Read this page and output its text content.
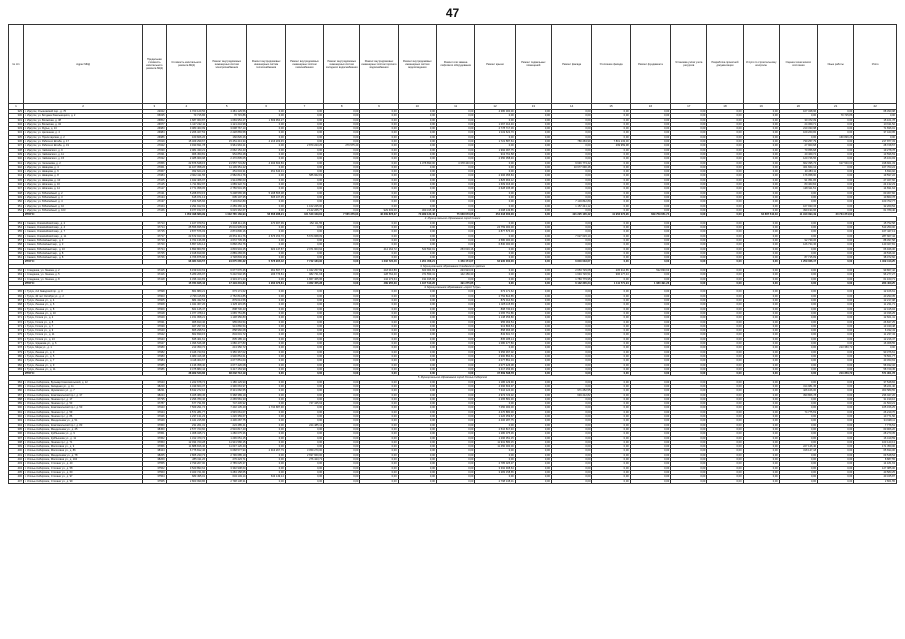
47
№ п/п	Адрес МКД	Предельная стоимость капитального ремонта МКД	Стоимость капитального ремонта МКД	Ремонт внутридомовых инженерных систем электроснабжения	Ремонт внутридомовых инженерных систем теплоснабжения	Ремонт внутридомовых инженерных систем газоснабжения	Ремонт внутридомовых инженерных систем холодного водоснабжения	Ремонт внутридомовых инженерных систем горячего водоснабжения	Ремонт внутридомовых инженерных систем водоотведения	Ремонт или замена лифтового оборудования	Ремонт крыши	Ремонт подвальных помещений	Ремонт фасада	Утепление фасада	Ремонт фундамента	Установка узлов учета ресурсов	Разработка проектной документации	Услуги по строительному контролю	Оценка технического состояния	Иные работы	Итого
1	2	3	4	5	6	7	8	9	10	11	12	13	14	15	16	17	18	19	20	21	22
329	г. Иркутск, Ульяновский пер., д. 70	22022	4 700 129,56	4 481 129,56	0,00	0,00	0,00	0,00	0,00	0,00	4 380 000,00	0,00	0,00	0,00	0,00	0,00	0,00	0,00	107 328,96	0,00	68 390,98
330	г. Иркутск, ул. Богдана Хмельницкого, д. 2	65035	70 715,86	70 715,86	0,00	0,00	0,00	0,00	0,00	0,00	0,00	0,00	0,00	0,00	0,00	0,00	0,00	0,00	0,00	70 715,86	0,00
331	г. Иркутск, ул. Волжская, д. 38	26862	1 687 063,87	1 669 954,27	1 669 954,27	0,00	0,00	0,00	0,00	0,00	0,00	0,00	0,00	0,00	0,00	0,00	0,00	0,00	30 472,39	0,00	15 101,78
332	г. Иркутск, ул. Волжская, д. 34	26977	1 127 222,11	1 121 244,98	0,00	0,00	0,00	0,00	0,00	0,00	1 067 014,49	0,00	0,00	0,00	0,00	0,00	0,00	0,00	24 369,71	0,00	10 611,52
333	г. Иркутск, ул. Фурье, д. 13	26983	3 080 463,99	3 008 767,14	0,00	0,00	0,00	0,00	0,00	0,00	2 778 717,39	0,00	0,00	0,00	0,00	0,00	0,00	0,00	210 333,98	0,00	71 696,91
334	г. Иркутск, ул. Целинная, д. 4	26984	2 266 327,53	2 228 883,58	0,00	0,00	0,00	0,00	0,00	0,00	2 119 622,76	0,00	0,00	0,00	0,00	0,00	0,00	0,00	109 260,82	0,00	37 443,95
335	г. Иркутск, ул. Пролетарская, д. 2	26986	160 826,26	160 826,26	0,00	0,00	0,00	0,00	0,00	0,00	0,00	0,00	0,00	0,00	0,00	0,00	0,00	0,00	0,00	160 826,26	0,00
336	г. Иркутск, ул. Рабочего Штаба, д. 17	27019	15 469 299,67	15 451 413,34	4 216 209,45	0,00	0,00	0,00	0,00	0,00	1 721 587,64	0,00	780 263,99	7 801 133,00	0,00	0,00	0,00	0,00	730 257,79	0,00	217 877,33
337	г. Иркутск, ул. Рабочего Штаба, д. 19	27022	3 930 691,78	3 961 963,21	0,00	2 870 223,25	276 575,20	0,00	0,00	0,00	0,00	0,00	0,00	299 959,98	0,00	0,00	0,00	0,00	27 900,68	0,00	28 728,57
338	г. Иркутск, ул. Чайковского, д. 9	27030	2 081 433,21	2 062 154,43	0,00	0,00	0,00	0,00	0,00	0,00	1 992 097,75	0,00	0,00	0,00	0,00	0,00	0,00	0,00	70 056,68	0,00	19 278,78
339	г. Иркутск, ул. Чайковского, д. 11	27031	966 450,81	954 853,28	0,00	0,00	0,00	0,00	0,00	0,00	913 761,58	0,00	0,00	0,00	0,00	0,00	0,00	0,00	40 469,72	0,00	13 596,53
340	г. Иркутск, ул. Чайковского, д. 15	27032	2 485 969,98	2 470 805,05	0,00	0,00	0,00	0,00	0,00	0,00	2 350 058,49	0,00	0,00	0,00	0,00	0,00	0,00	0,00	120 746,56	0,00	15 164,93
341	г. Иркутск, ул. Челнокова, д. 2	27056	22 876 548,15	21 557 731,82	4 493 693,83	0,00	0,00	0,00	4 378 890,00	4 378 440,00	0,00	0,00	9 646 773,42	0,00	0,00	0,00	0,00	0,00	662 395,73	617 540,03	318 821,33
342	г. Иркутск, ул. Шевцова, д. 4	27061	11 107 058,26	11 109 351,22	0,00	0,00	0,00	0,00	0,00	0,00	0,00	0,00	10 677 690,48	0,00	0,00	0,00	0,00	0,00	321 664,12	0,00	107 703,24
343	г. Иркутск, ул. Шевцова, д. 6	27067	452 624,24	451 643,31	451 643,31	0,00	0,00	0,00	0,00	0,00	0,00	0,00	0,00	0,00	0,00	0,00	0,00	0,00	20 283,11	0,00	6 694,92
344	г. Иркутск, ул. Шевцова, д. 8	27084	2 602 411,55	2 582 814,76	0,00	585 662,81	0,00	0,00	0,00	0,00	2 306 055,84	0,00	0,00	0,00	0,00	0,00	0,00	0,00	176 058,60	0,00	19 597,22
345	г. Иркутск, ул. Шевцова, д. 10	27105	1 942 406,97	1 914 880,03	0,00	0,00	0,00	0,00	0,00	0,00	1 825 963,12	0,00	0,00	0,00	0,00	0,00	0,00	0,00	91 351,95	0,00	27 327,66
346	г. Иркутск, ул. Шпачека, д. 16	27125	1 711 802,97	1 689 322,74	0,00	0,00	0,00	0,00	0,00	0,00	1 609 016,00	0,00	0,00	0,00	0,00	0,00	0,00	0,00	80 463,84	0,00	24 132,23
347	г. Иркутск, ул. Шпачека, д. 14	27127	2 771 058,05	2 756 501,35	0,00	0,00	0,00	0,00	0,00	0,00	2 628 335,08	0,00	0,00	0,00	0,00	0,00	0,00	0,00	128 911,51	0,00	14 691,64
348	г. Иркутск, ул. Юбилейный, д. 2	27131	5 268 873,15	5 208 565,38	5 208 565,38	0,00	0,00	0,00	0,00	0,00	0,00	0,00	0,00	0,00	0,00	0,00	0,00	0,00	0,00	0,00	60 307,82
349	г. Иркутск, ул. Юбилейный, д. 3	27134	615 971,13	605 107,35	605 107,35	0,00	0,00	0,00	0,00	0,00	0,00	0,00	0,00	0,00	0,00	0,00	0,00	0,00	0,00	0,00	10 863,78
350	г. Иркутск, ул. Юбилейный, д. 4	27137	7 204 545,66	7 103 842,89	0,00	0,00	0,00	0,00	0,00	0,00	0,00	0,00	7 103 842,89	0,00	0,00	0,00	0,00	0,00	0,00	0,00	100 702,77
351	г. Иркутск, ул. Юбилейный, д. 10	27164	2 291 912,91	2 259 466,12	0,00	1 102 225,00	0,00	0,00	0,00	0,00	0,00	0,00	1 157 241,12	0,00	0,00	0,00	0,00	0,00	167 933,15	0,00	32 260,54
352	г. Иркутск, ул. Юбилейный, д. 103	27166	9 077 152,07	9 015 362,67	0,00	2 122 265,77	0,00	929 633,09	300 315,48	0,00	4 008 149,85	0,00	0,00	0,00	0,00	0,00	0,00	0,00	399 194,66	0,00	61 789,40
	ИТОГО:		1 052 498 683,99	1 032 765 169,94	58 658 288,21	161 540 169,81	7 565 376,63	46 309 878,37	70 969 120,46	75 068 673,05	254 318 000,00	0,00	421 225 135,42	41 952 073,96	609 759 651,74	0,00	0,00	62 887 542,33	11 910 394,49	20 734 374,64	
2. Муниципальное образование город Саянск																					
353	г. Саянск, Олимпийский мкр., д. 2	37713	1 107 979,51	1 098 411,26	470 907,99	152 111,55	0,00	0,00	0,00	0,00	0,00	0,00	0,00	0,00	0,00	0,00	0,00	0,00	0,00	0,00	15 752,58
354	г. Саянск, Олимпийский мкр., д. 4	37714	25 556 835,69	25 041 935,03	0,00	0,00	0,00	0,00	0,00	0,00	24 759 000,00	0,00	0,00	0,00	0,00	0,00	0,00	0,00	0,00	0,00	513 250,00
355	г. Саянск, Олимпийский мкр., д. 7	37715	2 877 576,03	2 874 806,16	0,00	0,00	0,00	0,00	0,00	0,00	2 877 576,03	0,00	0,00	0,00	0,00	0,00	0,00	0,00	0,00	0,00	167 447,13
356	г. Саянск, Олимпийский мкр., д. 11	37717	22 672 913,43	22 651 411,76	4 676 153,70	5 674 668,09	0,00	0,00	0,00	0,00	0,00	0,00	7 627 015,10	0,00	0,00	0,00	0,00	0,00	0,00	0,00	287 607,44
357	г. Саянск, Юбилейный мкр., д. 3	37719	4 761 136,95	4 672 739,36	0,00	0,00	0,00	0,00	0,00	0,00	4 580 000,00	0,00	0,00	0,00	0,00	0,00	0,00	0,00	92 739,36	0,00	88 397,58
358	г. Саянск, Юбилейный мкр., д. 3	37720	6 857 184,14	6 868 254,76	0,00	0,00	0,00	0,00	0,00	0,00	6 830 000,00	0,00	0,00	0,00	0,00	0,00	0,00	0,00	126 734,36	0,00	140 027,81
359	г. Саянск, Юбилейный мкр., д. 10	37724	4 893 860,55	4 803 904,25	922 147,87	2 071 603,94	0,00	414 164,72	523 593,91	253 619,16	0,00	0,00	0,00	0,00	0,00	0,00	0,00	0,00	0,00	0,00	66 946,30
360	г. Саянск, Юбилейный мкр., д. 8	37725	2 918 819,96	2 889 283,66	0,00	0,00	0,00	0,00	0,00	0,00	0,00	0,00	0,00	0,00	0,00	0,00	0,00	0,00	0,00	0,00	49 536,32
361	г. Саянск, Юбилейный мкр., д. 8	37726	4 766 875,96	4 728 803,36	0,00	0,00	0,00	0,00	0,00	0,00	0,00	0,00	0,00	0,00	0,00	0,00	0,00	0,00	87 715,99	0,00	38 072,60
	ИТОГО:		96 084 643,57	94 675 265,32	5 578 905,42	7 742 183,90	0,00	1 332 722,46	1 201 458,21	1 459 174,07	62 930 000,00	0,00	6 840 033,67	0,00	0,00	0,00	0,00	0,00	1 259 066,47	0,00	1 409 413,25
3. Муниципальное образование Слюдянского района																					
362	г. Слюдянка, ул. Ленина, д. 2	37415	6 159 163,63	6 077 676,46	361 567,77	1 042 257,69	0,00	218 016,89	603 964,81	223 924,04	0,00	0,00	2 653 729,68	205 314,85	532 830,63	0,00	0,00	0,00	0,00	0,00	99 867,42
363	г. Слюдянка, ул. Ленина, д. 5	37416	5 289 266,97	5 232 502,35	206 776,81	982 731,66	0,00	128 764,40	371 559,41	142 159,30	0,00	0,00	1 694 726,51	906 177,43	0,00	0,00	0,00	0,00	0,00	0,00	96 277,27
364	г. Слюдянка, ул. Ленина, д. 8	37418	4 336 414,83	4 319 471,24	0,00	1 867 465,95	0,00	144 173,64	191 915,96	0,00	0,00	0,00	1 783 779,95	0,00	0,00	0,00	0,00	0,00	0,00	0,00	61 163,71
	ИТОГО:		15 784 845,43	17 494 331,84	1 202 476,61	4 952 455,28	0,00	489 955,39	1 167 513,26	491 275,85	0,00	0,00	6 132 235,24	1 111 771,94	1 080 491,26	0,00	0,00	0,00	0,00	0,00	263 400,25
4. Муниципальное образование «город Тулун»																					
365	г. Тулун, 2-й Заводской пр., д. 3	37598	861 880,21	673 171,62	0,00	0,00	0,00	0,00	0,00	0,00	673 171,62	0,00	0,00	0,00	0,00	0,00	0,00	0,00	0,00	0,00	12 106,61
366	г. Тулун, 40 лет Октября ул., д. 2	37603	2 736 115,83	2 752 814,85	0,00	0,00	0,00	0,00	0,00	0,00	2 752 814,85	0,00	0,00	0,00	0,00	0,00	0,00	0,00	0,00	0,00	40 293,35
367	г. Тулун, Ленина ул., д. 4	37605	884 432,54	879 014,56	0,00	0,00	0,00	0,00	0,00	0,00	879 014,56	0,00	0,00	0,00	0,00	0,00	0,00	0,00	0,00	0,00	12 217,98
368	г. Тулун, Ленина ул., д. 6	37608	1 041 367,26	1 025 115,65	0,00	0,00	0,00	0,00	0,00	0,00	1 025 115,65	0,00	0,00	0,00	0,00	0,00	0,00	0,00	0,00	0,00	11 231,71
369	г. Тулун, Ленина ул., д. 8	37609	821 145,47	808 730,43	0,00	0,00	0,00	0,00	0,00	0,00	808 730,43	0,00	0,00	0,00	0,00	0,00	0,00	0,00	0,00	0,00	12 415,04
370	г. Тулун, Ленина ул., д. 10	37618	1 077 478,12	1 065 751,86	0,00	0,00	0,00	0,00	0,00	0,00	1 065 751,86	0,00	0,00	0,00	0,00	0,00	0,00	0,00	0,00	0,00	13 036,25
371	г. Тулун, Гоголя ул., д. 2	37629	1 151 958,21	1 138 356,80	0,00	0,00	0,00	0,00	0,00	0,00	1 138 356,80	0,00	0,00	0,00	0,00	0,00	0,00	0,00	0,00	0,00	12 601,41
372	г. Тулун, Гоголя ул., д. 8	37631	965 810,46	955 063,54	0,00	0,00	0,00	0,00	0,00	0,00	955 063,54	0,00	0,00	0,00	0,00	0,00	0,00	0,00	0,00	0,00	26 847,25
373	г. Тулун, Гоголя ул., д. 7	37639	927 297,02	913 866,54	0,00	0,00	0,00	0,00	0,00	0,00	913 866,54	0,00	0,00	0,00	0,00	0,00	0,00	0,00	0,00	0,00	13 430,48
374	г. Тулун, Гоголя ул., д. 9	37640	865 298,51	858 966,08	0,00	0,00	0,00	0,00	0,00	0,00	858 966,08	0,00	0,00	0,00	0,00	0,00	0,00	0,00	0,00	0,00	6 332,43
375	г. Тулун, Гоголя ул., д. 11	37642	862 839,15	843 601,72	0,00	0,00	0,00	0,00	0,00	0,00	843 601,72	0,00	0,00	0,00	0,00	0,00	0,00	0,00	0,00	0,00	11 237,43
376	г. Тулун, Гоголя ул., д. 13	37643	845 401,61	835 185,14	0,00	0,00	0,00	0,00	0,00	0,00	835 185,14	0,00	0,00	0,00	0,00	0,00	0,00	0,00	0,00	0,00	12 216,47
377	г. Тулун, Жданова ул., д. 6	37647	1 096 546,38	1 080 477,83	0,00	0,00	0,00	0,00	0,00	0,00	1 080 477,83	0,00	0,00	0,00	0,00	0,00	0,00	0,00	0,00	0,00	16 068,55
378	г. Тулун, Мира ул., д. 1	37680	213 350,72	213 350,72	0,00	0,00	0,00	0,00	0,00	0,00	0,00	0,00	0,00	0,00	0,00	0,00	0,00	0,00	0,00	213 350,72	0,00
379	г. Тулун, Ленина ул., д. 3	37682	3 446 743,63	3 356 367,02	0,00	0,00	0,00	0,00	0,00	0,00	3 356 367,02	0,00	0,00	0,00	0,00	0,00	0,00	0,00	0,00	0,00	90 376,61
380	г. Тулун, Ленина ул., д. 5	37683	4 980 416,38	4 900 854,61	0,00	0,00	0,00	0,00	0,00	0,00	4 900 854,61	0,00	0,00	0,00	0,00	0,00	0,00	0,00	0,00	0,00	79 561,77
381	г. Тулун, Ленина ул., д. 7	37684	4 118 304,67	4 077 851,04	0,00	0,00	0,00	0,00	0,00	0,00	4 077 851,04	0,00	0,00	0,00	0,00	0,00	0,00	0,00	0,00	0,00	40 453,63
382	г. Тулун, Ленина ул., д. 9	37685	4 136 358,40	4 077 426,08	0,00	0,00	0,00	0,00	0,00	0,00	4 077 426,08	0,00	0,00	0,00	0,00	0,00	0,00	0,00	0,00	0,00	58 932,32
383	г. Тулун, Ленина ул., д. 11	37686	3 475 883,44	3 417 153,99	0,00	0,00	0,00	0,00	0,00	0,00	3 417 153,99	0,00	0,00	0,00	0,00	0,00	0,00	0,00	0,00	0,00	58 729,45
	ИТОГО:		38 969 533,86	38 232 713,19	0,00	0,00	0,00	0,00	0,00	0,00	37 669 598,78	0,00	0,00	0,00	0,00	0,00	0,00	0,00	0,00	213 350,72	571 901,78
5. Муниципальное образование город Усолье-Сибирское																					
384	г. Усолье-Сибирское, Бульвар Комсомольский, д. 12	37643	1 222 678,74	1 186 129,90	0,00	0,00	0,00	0,00	0,00	0,00	1 186 129,90	0,00	0,00	0,00	0,00	0,00	0,00	0,00	0,00	0,00	37 548,84
385	г. Усолье-Сибирское, Западная ул., д. 11	38229	4 439 604,37	4 396 663,97	0,00	0,00	0,00	0,00	0,00	0,00	4 396 663,97	0,00	0,00	0,00	0,00	0,00	0,00	0,00	314 981,35	0,00	38 221,40
386	г. Усолье-Сибирское, Жуковского ул., д. 7	38231	8 632 272,10	8 331 682,55	0,00	0,00	0,00	0,00	0,00	0,00	7 316 124,00	0,00	971 252,55	0,00	0,00	0,00	0,00	0,00	426 106,00	0,00	300 589,55
387	г. Усолье-Сибирское, Комсомольский пр-т, д. 37	38244	6 325 389,45	6 368 389,19	0,00	0,00	0,00	0,00	0,00	0,00	4 974 723,32	0,00	649 212,82	0,00	0,00	0,00	0,00	0,00	390 806,78	0,00	236 947,26
388	г. Усолье-Сибирское, Ленина пр-т, д. 17	37735	2 296 780,46	2 265 581,30	0,00	0,00	0,00	0,00	0,00	0,00	2 265 581,30	0,00	0,00	0,00	0,00	0,00	0,00	0,00	0,00	0,00	31 199,16
389	г. Усолье-Сибирское, Ленина пр-т, д. 53	37787	677 731,65	747 445,92	0,00	747 445,92	0,00	0,00	0,00	0,00	0,00	0,00	0,00	0,00	0,00	0,00	0,00	0,00	0,00	0,00	21 503,21
390	г. Усолье-Сибирское, Комсомольский пр-т, д. 53	37943	7 569 291,74	7 402 135,49	1 734 687,90	0,00	0,00	0,00	0,00	0,00	7 050 000,00	0,00	0,00	0,00	0,00	0,00	0,00	0,00	0,00	0,00	165 156,25
391	г. Усолье-Сибирское, Ленина пр-т, д. 59	37944	4 571 281,77	4 545 061,07	0,00	0,00	0,00	0,00	0,00	0,00	4 470 880,00	0,00	0,00	0,00	0,00	0,00	0,00	0,00	74 775,69	0,00	26 219,70
392	г. Усолье-Сибирское, Ленина пр-т, д. 86	37946	1 237 131,23	1 226 359,67	0,00	0,00	0,00	0,00	0,00	0,00	1 226 359,67	0,00	0,00	0,00	0,00	0,00	0,00	0,00	0,00	0,00	10 771,56
393	г. Усолье-Сибирское, Менделеева ул., д. 51	37949	4 441 215,86	4 406 287,75	0,00	0,00	0,00	0,00	0,00	0,00	4 406 287,75	0,00	0,00	0,00	0,00	0,00	0,00	0,00	0,00	0,00	34 928,11
394	г. Усолье-Сибирское, Комсомольский пр-т, д. 83	37950	231 261,31	224 485,41	0,00	224 485,41	0,00	0,00	0,00	0,00	0,00	0,00	0,00	0,00	0,00	0,00	0,00	0,00	0,00	0,00	7 776,51
395	г. Усолье-Сибирское, Менделеева ул., д. 45	38450	2 577 723,60	2 516 817,40	0,00	0,00	0,00	0,00	0,00	0,00	2 516 817,40	0,00	0,00	0,00	0,00	0,00	0,00	0,00	0,00	0,00	60 906,20
396	г. Усолье-Сибирское, Куйбышева ул., д. 9	37951	1 308 345,71	1 280 075,36	0,00	0,00	0,00	0,00	0,00	0,00	1 280 075,36	0,00	0,00	0,00	0,00	0,00	0,00	0,00	0,00	0,00	28 270,35
397	г. Усолье-Сибирское, Куйбышева ул., д. 11	37952	1 312 470,74	1 296 051,15	0,00	0,00	0,00	0,00	0,00	0,00	1 296 051,15	0,00	0,00	0,00	0,00	0,00	0,00	0,00	0,00	0,00	16 419,59
398	г. Усолье-Сибирское, Ленина пр-т, д. 71	37953	12 034 720,28	11 931 580,15	0,00	0,00	0,00	0,00	0,00	0,00	11 931 580,15	0,00	0,00	0,00	0,00	0,00	0,00	0,00	0,00	0,00	103 140,13
399	г. Усолье-Сибирское, Молотовая ул., д. 9	37956	11 888 816,46	11 637 126,40	0,00	0,00	0,00	0,00	0,00	0,00	11 450 000,00	0,00	0,00	0,00	0,00	0,00	0,00	0,00	227 126,40	0,00	171 350,00
400	г. Усолье-Сибирское, Молотовая ул., д. 86	38344	6 775 812,46	6 668 577,94	2 913 267,79	3 059 270,00	0,00	0,00	0,00	0,00	0,00	0,00	0,00	0,00	0,00	0,00	0,00	0,00	318 147,18	0,00	65 694,06
401	г. Усолье-Сибирское, Менделеева ул., д. 78	38265	2 865 233,73	2 796 685,19	0,00	2 697 660,00	0,00	0,00	0,00	0,00	0,00	0,00	0,00	0,00	0,00	0,00	0,00	0,00	0,00	0,00	69 548,54
402	г. Усолье-Сибирское, Молотовая ул., д. 104	38269	285 311,26	276 423,71	0,00	276 423,71	0,00	0,00	0,00	0,00	0,00	0,00	0,00	0,00	0,00	0,00	0,00	0,00	0,00	0,00	8 887,55
403	г. Усолье-Сибирское, Стопани ул., д. 40	37555	2 799 207,00	2 785 025,37	0,00	0,00	0,00	0,00	0,00	0,00	2 785 025,37	0,00	0,00	0,00	0,00	0,00	0,00	0,00	0,00	0,00	14 181,63
404	г. Усолье-Сибирское, Стопани ул., д. 58	37562	3 520 893,64	3 392 908,64	0,00	0,00	0,00	0,00	0,00	0,00	3 392 908,64	0,00	0,00	0,00	0,00	0,00	0,00	0,00	0,00	0,00	127 985,00
405	г. Усолье-Сибирское, Стопани ул., д. 60	37563	3 323 741,90	3 283 158,65	0,00	0,00	0,00	0,00	0,00	0,00	3 283 158,65	0,00	0,00	0,00	0,00	0,00	0,00	0,00	0,00	0,00	40 583,25
406	г. Усолье-Сибирское, Стопани ул., д. 97	37564	683 495,01	643 149,14	643 149,14	0,00	0,00	0,00	0,00	0,00	0,00	0,00	0,00	0,00	0,00	0,00	0,00	0,00	0,00	0,00	40 345,87
407	г. Усолье-Сибирское, Стопани ул., д. 99	37565	2 800 999,86	2 798 138,31	0,00	0,00	0,00	0,00	0,00	0,00	2 798 138,31	0,00	0,00	0,00	0,00	0,00	0,00	0,00	0,00	0,00	2 861,55
